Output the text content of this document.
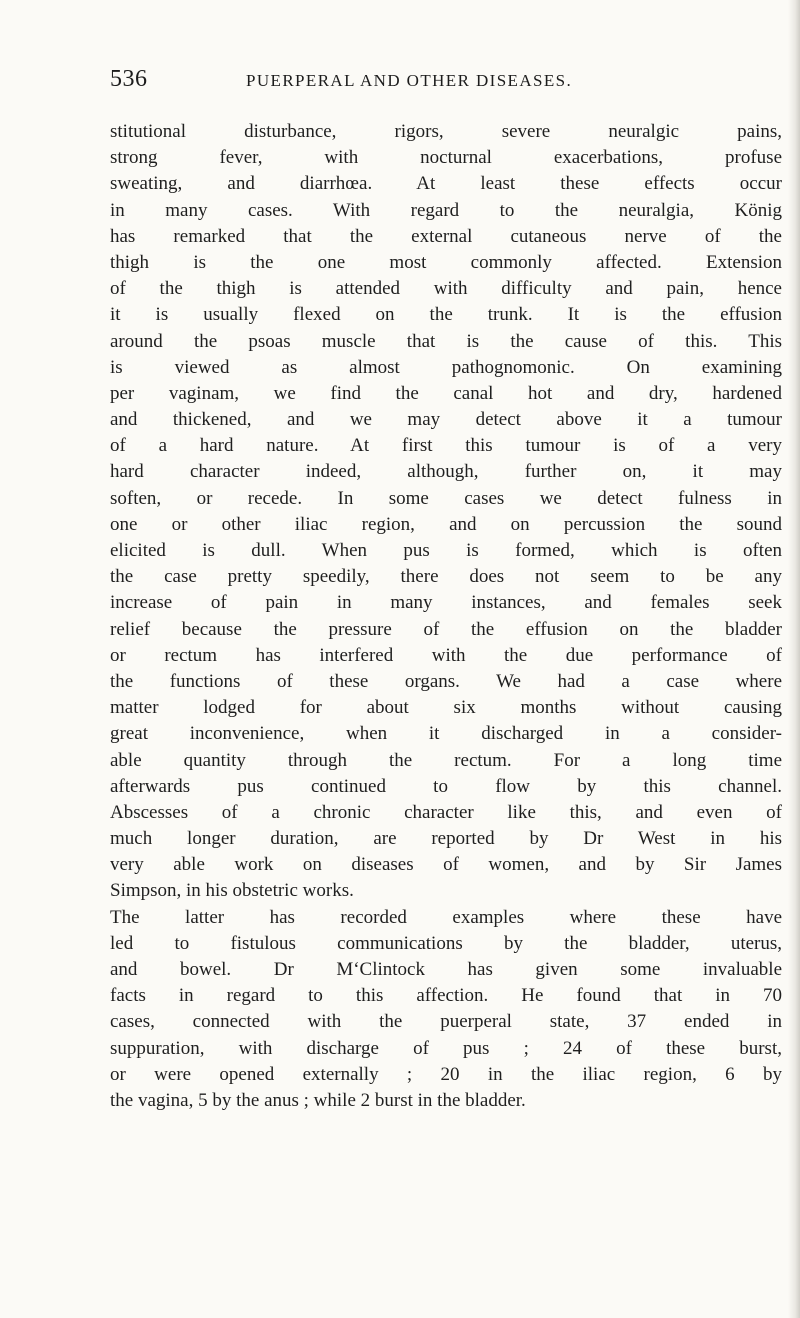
536	PUERPERAL AND OTHER DISEASES.
stitutional disturbance, rigors, severe neuralgic pains,
strong fever, with nocturnal exacerbations, profuse
sweating, and diarrhœa. At least these effects occur
in many cases. With regard to the neuralgia, König
has remarked that the external cutaneous nerve of the
thigh is the one most commonly affected. Extension
of the thigh is attended with difficulty and pain, hence
it is usually flexed on the trunk. It is the effusion
around the psoas muscle that is the cause of this. This
is viewed as almost pathognomonic. On examining
per vaginam, we find the canal hot and dry, hardened
and thickened, and we may detect above it a tumour
of a hard nature. At first this tumour is of a very
hard character indeed, although, further on, it may
soften, or recede. In some cases we detect fulness in
one or other iliac region, and on percussion the sound
elicited is dull. When pus is formed, which is often
the case pretty speedily, there does not seem to be any
increase of pain in many instances, and females seek
relief because the pressure of the effusion on the bladder
or rectum has interfered with the due performance of
the functions of these organs. We had a case where
matter lodged for about six months without causing
great inconvenience, when it discharged in a consider-
able quantity through the rectum. For a long time
afterwards pus continued to flow by this channel.
Abscesses of a chronic character like this, and even of
much longer duration, are reported by Dr West in his
very able work on diseases of women, and by Sir James
Simpson, in his obstetric works.
The latter has recorded examples where these have
led to fistulous communications by the bladder, uterus,
and bowel. Dr M‘Clintock has given some invaluable
facts in regard to this affection. He found that in 70
cases, connected with the puerperal state, 37 ended in
suppuration, with discharge of pus ; 24 of these burst,
or were opened externally ; 20 in the iliac region, 6 by
the vagina, 5 by the anus ; while 2 burst in the bladder.
